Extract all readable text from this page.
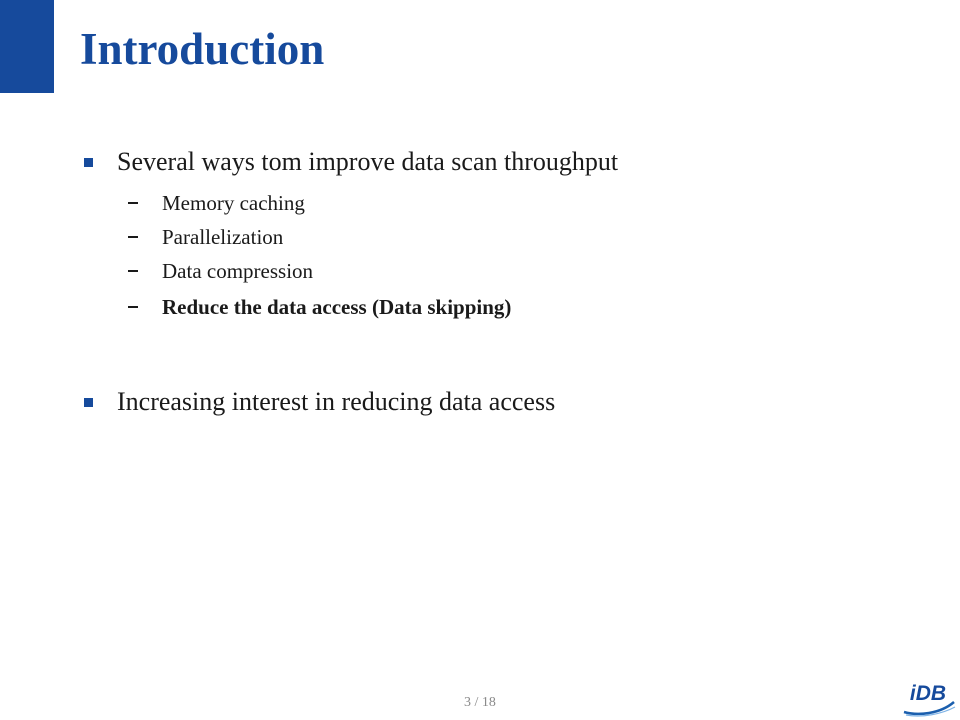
Introduction
Several ways tom improve data scan throughput
Memory caching
Parallelization
Data compression
Reduce the data access (Data skipping)
Increasing interest in reducing data access
3 / 18	iDB
